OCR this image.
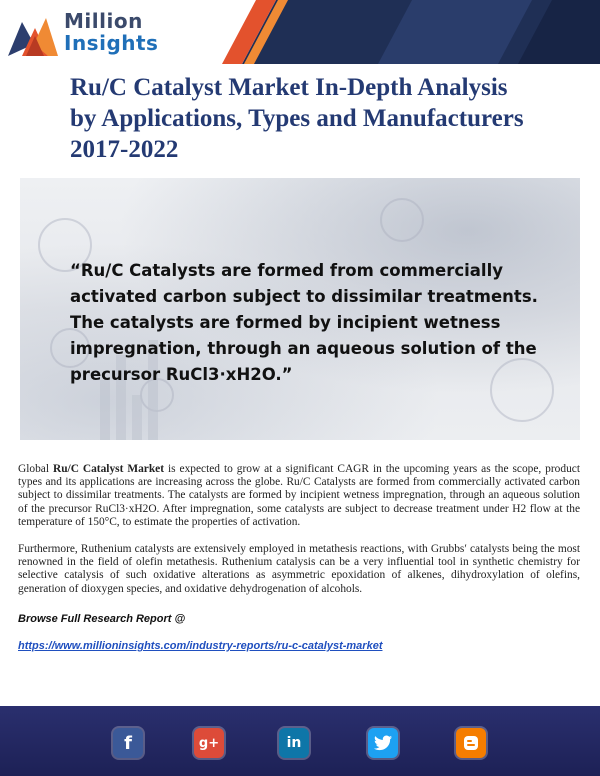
Million
Insights
Ru/C Catalyst Market In-Depth Analysis by Applications, Types and Manufacturers 2017-2022

“Ru/C Catalysts are formed from commercially activated carbon subject to dissimilar treatments. The catalysts are formed by incipient wetness impregnation, through an aqueous solution of the precursor RuCl3·xH2O.”

Global Ru/C Catalyst Market is expected to grow at a significant CAGR in the upcoming years as the scope, product types and its applications are increasing across the globe. Ru/C Catalysts are formed from commercially activated carbon subject to dissimilar treatments. The catalysts are formed by incipient wetness impregnation, through an aqueous solution of the precursor RuCl3·xH2O. After impregnation, some catalysts are subject to decrease treatment under H2 flow at the temperature of 150°C, to estimate the properties of activation.

Furthermore, Ruthenium catalysts are extensively employed in metathesis reactions, with Grubbs′ catalysts being the most renowned in the field of olefin metathesis. Ruthenium catalysis can be a very influential tool in synthetic chemistry for selective catalysis of such oxidative alterations as asymmetric epoxidation of alkenes, dihydroxylation of olefins, generation of dioxygen species, and oxidative dehydrogenation of alcohols.

Browse Full Research Report @

https://www.millioninsights.com/industry-reports/ru-c-catalyst-market
f	g+	in
